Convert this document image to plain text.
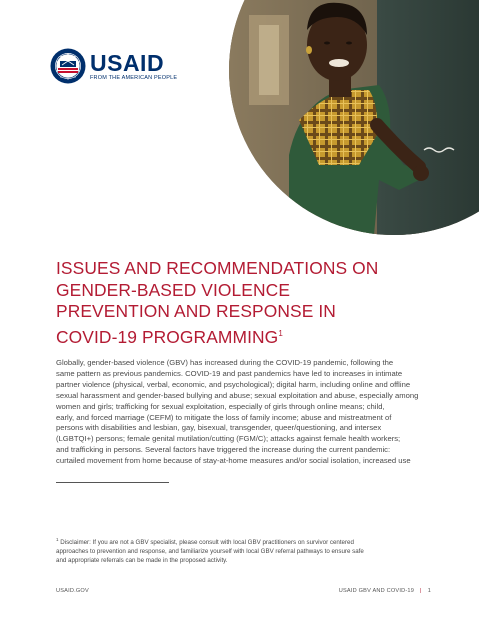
USAID
FROM THE AMERICAN PEOPLE
ISSUES AND RECOMMENDATIONS ON
GENDER-BASED VIOLENCE
PREVENTION AND RESPONSE IN
COVID-19 PROGRAMMING$^1$
Globally, gender-based violence (GBV) has increased during the COVID-19 pandemic, following the
same pattern as previous pandemics. COVID-19 and past pandemics have led to increases in intimate
partner violence (physical, verbal, economic, and psychological); digital harm, including online and offline
sexual harassment and gender-based bullying and abuse; sexual exploitation and abuse, especially among
women and girls; trafficking for sexual exploitation, especially of girls through online means; child,
early, and forced marriage (CEFM) to mitigate the loss of family income; abuse and mistreatment of
persons with disabilities and lesbian, gay, bisexual, transgender, queer/questioning, and intersex
(LGBTQI+) persons; female genital mutilation/cutting (FGM/C); attacks against female health workers;
and trafficking in persons. Several factors have triggered the increase during the current pandemic:
curtailed movement from home because of stay-at-home measures and/or social isolation, increased use
$^1$ Disclaimer: If you are not a GBV specialist, please consult with local GBV practitioners on survivor centered
approaches to prevention and response, and familiarize yourself with local GBV referral pathways to ensure safe
and appropriate referrals can be made in the proposed activity.
USAID.GOV	USAID GBV AND COVID-19 | 1
